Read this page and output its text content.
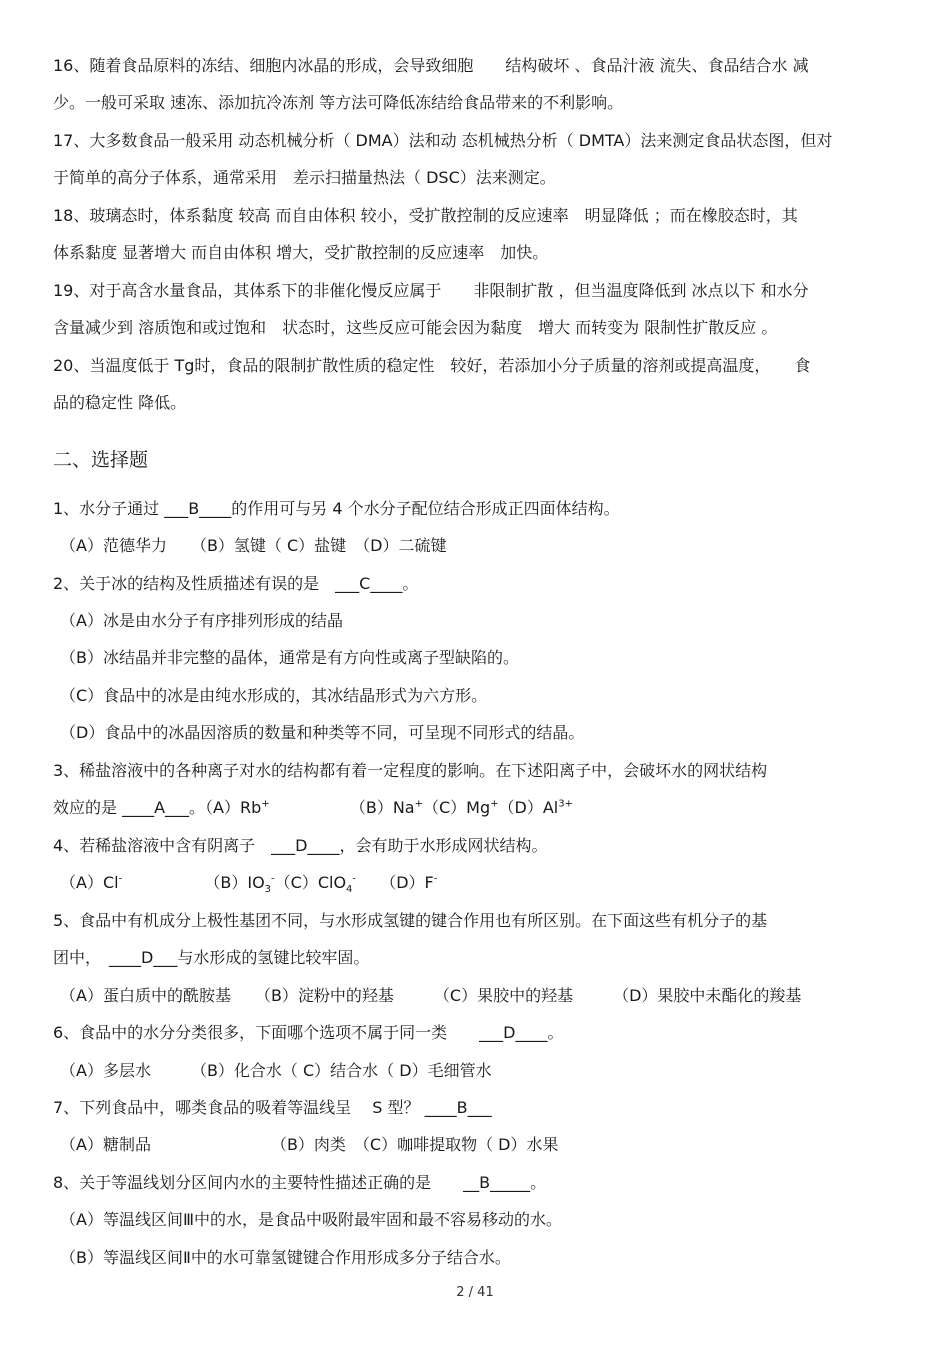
16、随着食品原料的冻结、细胞内冰晶的形成，会导致细胞　　结构破坏 、食品汁液 流失、食品结合水 减
少。一般可采取 速冻、添加抗冷冻剂 等方法可降低冻结给食品带来的不利影响。
17、大多数食品一般采用 动态机械分析（ DMA）法和动 态机械热分析（ DMTA）法来测定食品状态图，但对
于简单的高分子体系，通常采用　差示扫描量热法（ DSC）法来测定。
18、玻璃态时，体系黏度 较高 而自由体积 较小，受扩散控制的反应速率　明显降低 ；而在橡胶态时，其
体系黏度 显著增大 而自由体积 增大，受扩散控制的反应速率　加快。
19、对于高含水量食品，其体系下的非催化慢反应属于　　非限制扩散 ，但当温度降低到 冰点以下 和水分
含量减少到 溶质饱和或过饱和　状态时，这些反应可能会因为黏度　增大 而转变为 限制性扩散反应 。
20、当温度低于 Tg时，食品的限制扩散性质的稳定性　较好，若添加小分子质量的溶剂或提高温度，　　食
品的稳定性 降低。
二、选择题
1、水分子通过 ___B____的作用可与另 4 个水分子配位结合形成正四面体结构。
（A）范德华力　　（B）氢键（ C）盐键　（D）二硫键
2、关于冰的结构及性质描述有误的是　___C____。
（A）冰是由水分子有序排列形成的结晶
（B）冰结晶并非完整的晶体，通常是有方向性或离子型缺陷的。
（C）食品中的冰是由纯水形成的，其冰结晶形式为六方形。
（D）食品中的冰晶因溶质的数量和种类等不同，可呈现不同形式的结晶。
3、稀盐溶液中的各种离子对水的结构都有着一定程度的影响。在下述阳离子中，会破坏水的网状结构
效应的是 ____A___。（A）Rb+	$(B)Na^+(C)Mg^+(D)Al^{3+}$
4、若稀盐溶液中含有阴离子　___D____，会有助于水形成网状结构。
（A）Cl-	$(B)IO_3^-(C)ClO_4^-$ （D）F-
5、食品中有机成分上极性基团不同，与水形成氢键的键合作用也有所区别。在下面这些有机分子的基
团中，　____D___与水形成的氢键比较牢固。
（A）蛋白质中的酰胺基　　（B）淀粉中的羟基　　　（C）果胶中的羟基　　　（D）果胶中未酯化的羧基
6、食品中的水分分类很多，下面哪个选项不属于同一类　　___D____。
（A）多层水　　　（B）化合水（ C）结合水（ D）毛细管水
7、下列食品中，哪类食品的吸着等温线呈　 S 型？ ____B___
（A）糖制品　　　　　　　　（B）肉类　（C）咖啡提取物（ D）水果
8、关于等温线划分区间内水的主要特性描述正确的是　　__B_____。
（A）等温线区间Ⅲ中的水，是食品中吸附最牢固和最不容易移动的水。
（B）等温线区间Ⅱ中的水可靠氢键键合作用形成多分子结合水。
2 / 41
